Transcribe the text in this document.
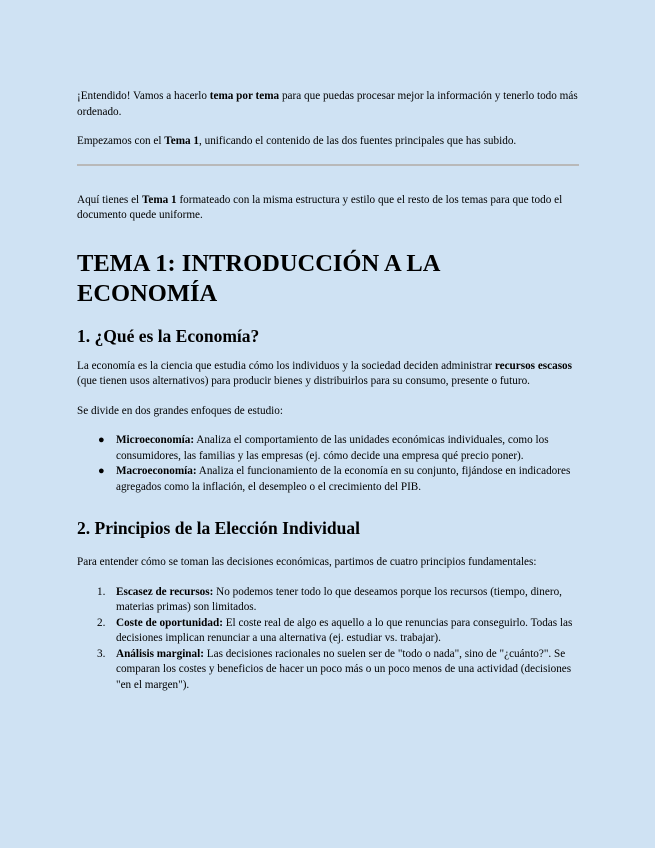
¡Entendido! Vamos a hacerlo tema por tema para que puedas procesar mejor la información y tenerlo todo más ordenado.

Empezamos con el Tema 1, unificando el contenido de las dos fuentes principales que has subido.

Aquí tienes el Tema 1 formateado con la misma estructura y estilo que el resto de los temas para que todo el documento quede uniforme.

TEMA 1: INTRODUCCIÓN A LA ECONOMÍA
1. ¿Qué es la Economía?

La economía es la ciencia que estudia cómo los individuos y la sociedad deciden administrar recursos escasos (que tienen usos alternativos) para producir bienes y distribuirlos para su consumo, presente o futuro.

Se divide en dos grandes enfoques de estudio:

● Microeconomía: Analiza el comportamiento de las unidades económicas individuales, como los consumidores, las familias y las empresas (ej. cómo decide una empresa qué precio poner).
● Macroeconomía: Analiza el funcionamiento de la economía en su conjunto, fijándose en indicadores agregados como la inflación, el desempleo o el crecimiento del PIB.
2. Principios de la Elección Individual

Para entender cómo se toman las decisiones económicas, partimos de cuatro principios fundamentales:

1. Escasez de recursos: No podemos tener todo lo que deseamos porque los recursos (tiempo, dinero, materias primas) son limitados.
2. Coste de oportunidad: El coste real de algo es aquello a lo que renuncias para conseguirlo. Todas las decisiones implican renunciar a una alternativa (ej. estudiar vs. trabajar).
3. Análisis marginal: Las decisiones racionales no suelen ser de "todo o nada", sino de "¿cuánto?". Se comparan los costes y beneficios de hacer un poco más o un poco menos de una actividad (decisiones "en el margen").
